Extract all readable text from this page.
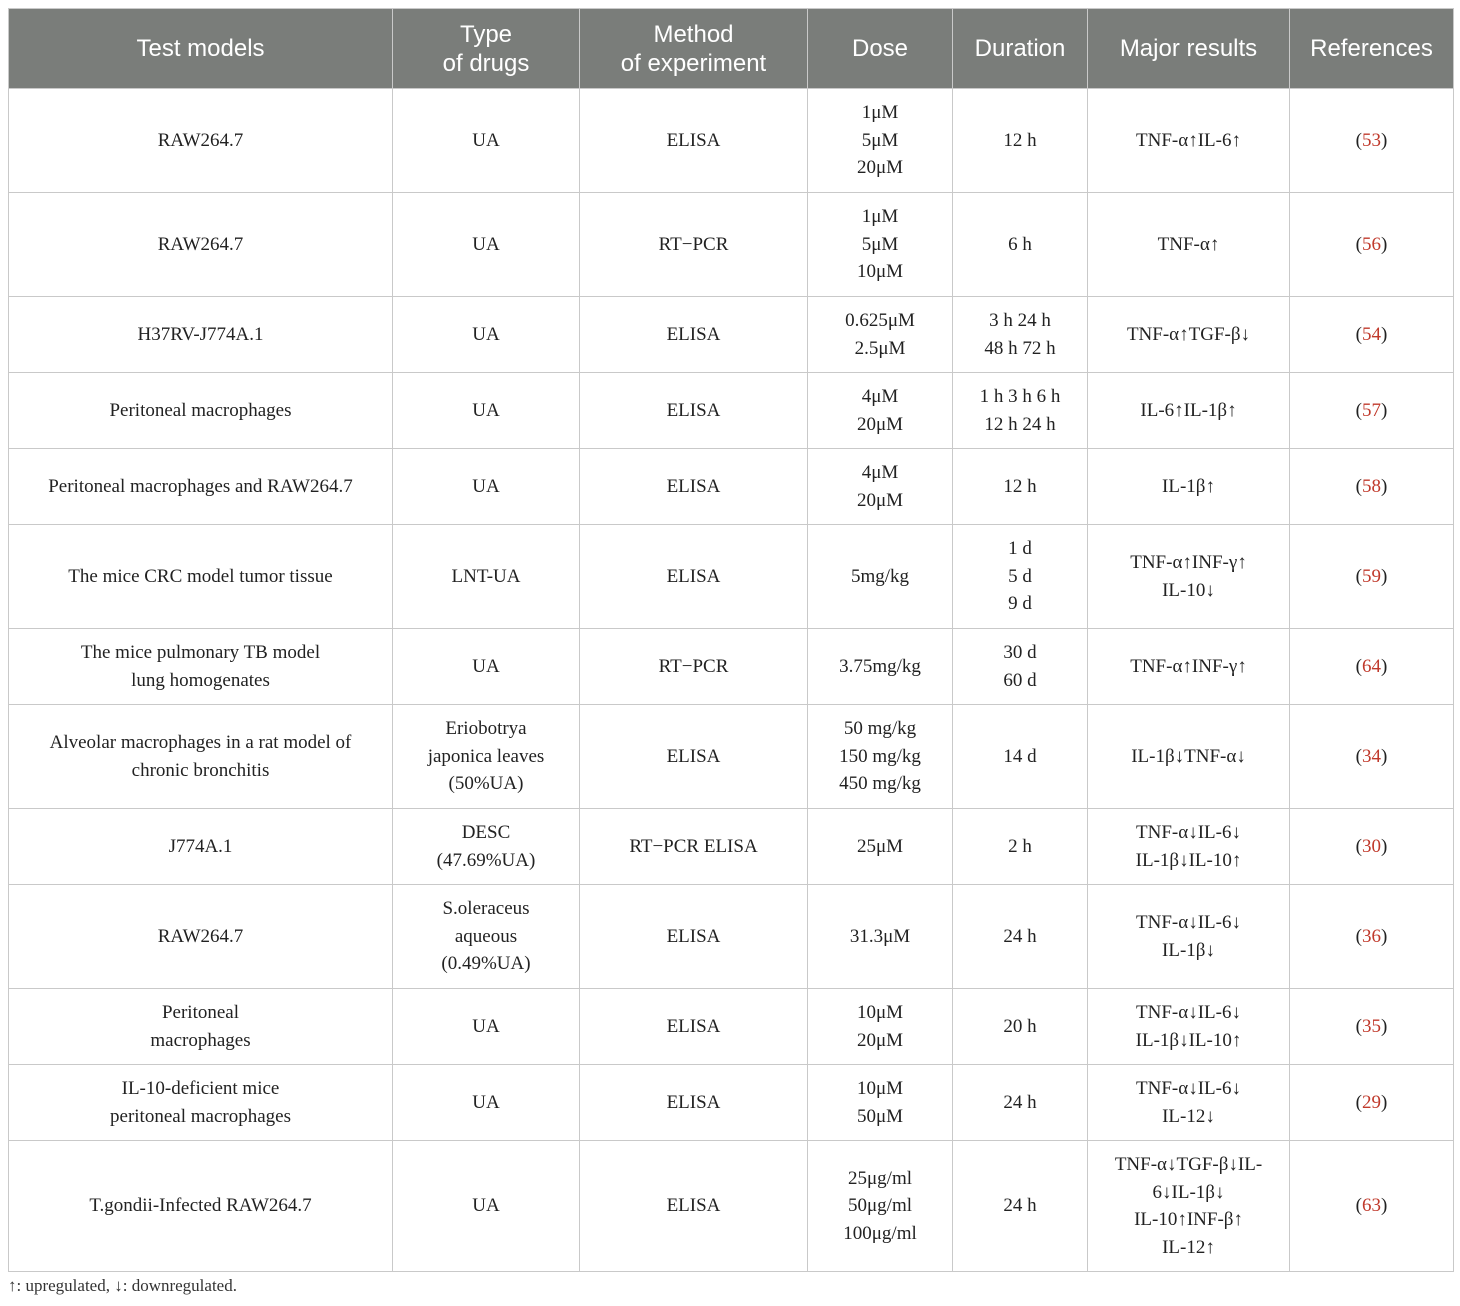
Test models	Type
of drugs	Method
of experiment	Dose	Duration	Major results	References

RAW264.7	UA	ELISA	1μM
5μM
20μM	12 h	TNF-α↑IL-6↑	(53)

RAW264.7	UA	RT−PCR	1μM
5μM
10μM	6 h	TNF-α↑	(56)

H37RV-J774A.1	UA	ELISA	0.625μM
2.5μM	3 h 24 h
48 h 72 h	TNF-α↑TGF-β↓	(54)

Peritoneal macrophages	UA	ELISA	4μM
20μM	1 h 3 h 6 h
12 h 24 h	IL-6↑IL-1β↑	(57)

Peritoneal macrophages and RAW264.7	UA	ELISA	4μM
20μM	12 h	IL-1β↑	(58)

The mice CRC model tumor tissue	LNT-UA	ELISA	5mg/kg	1 d
5 d
9 d	TNF-α↑INF-γ↑
IL-10↓	(59)

The mice pulmonary TB model
lung homogenates	UA	RT−PCR	3.75mg/kg	30 d
60 d	TNF-α↑INF-γ↑	(64)

Alveolar macrophages in a rat model of
chronic bronchitis	Eriobotrya
japonica leaves
(50%UA)	ELISA	50 mg/kg
150 mg/kg
450 mg/kg	14 d	IL-1β↓TNF-α↓	(34)

J774A.1	DESC
(47.69%UA)	RT−PCR ELISA	25μM	2 h	TNF-α↓IL-6↓
IL-1β↓IL-10↑	(30)

RAW264.7	S.oleraceus
aqueous
(0.49%UA)	ELISA	31.3μM	24 h	TNF-α↓IL-6↓
IL-1β↓	(36)

Peritoneal
macrophages	UA	ELISA	10μM
20μM	20 h	TNF-α↓IL-6↓
IL-1β↓IL-10↑	(35)

IL-10-deficient mice
peritoneal macrophages	UA	ELISA	10μM
50μM	24 h	TNF-α↓IL-6↓
IL-12↓	(29)

T.gondii-Infected RAW264.7	UA	ELISA	25μg/ml
50μg/ml
100μg/ml	24 h	TNF-α↓TGF-β↓IL-
6↓IL-1β↓
IL-10↑INF-β↑
IL-12↑	(63)
↑: upregulated, ↓: downregulated.
